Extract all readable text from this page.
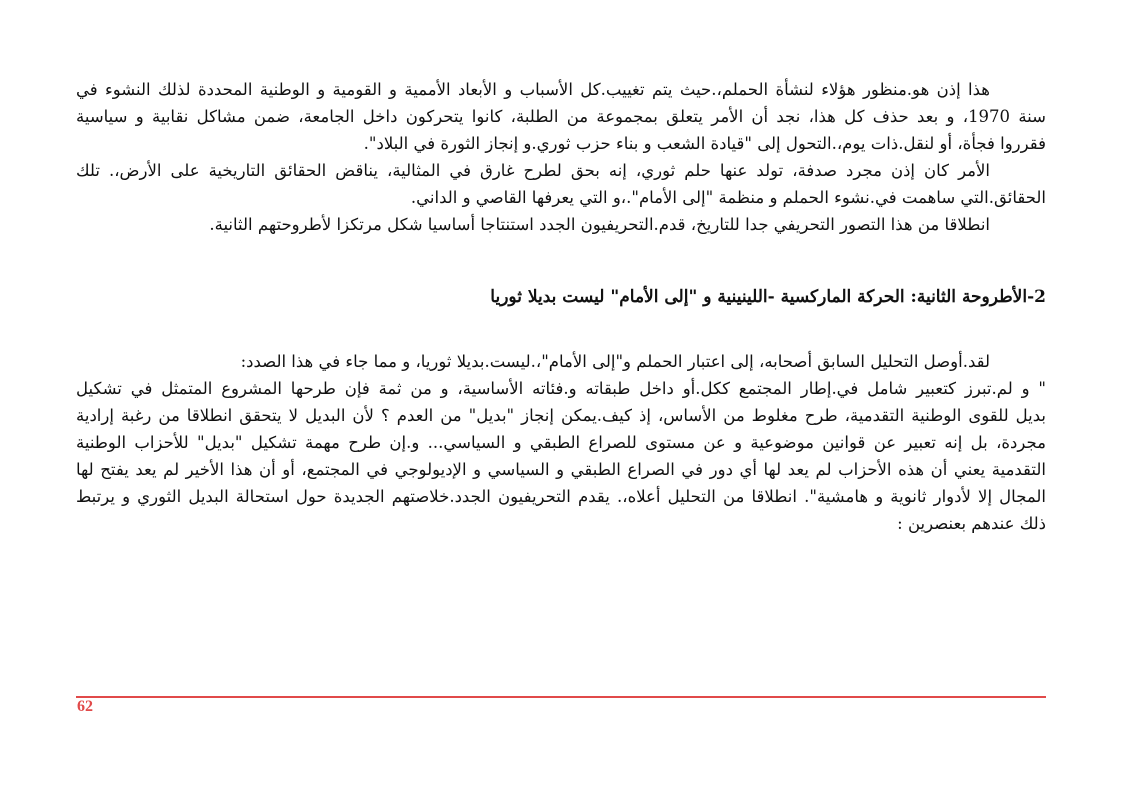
هذا إذن هو.منظور هؤلاء لنشأة الحملم،.حيث يتم تغييب.كل الأسباب و الأبعاد الأممية و القومية و الوطنية المحددة لذلك النشوء في
سنة 1970، و بعد حذف كل هذا، نجد أن الأمر يتعلق بمجموعة من الطلبة، كانوا يتحركون داخل الجامعة، ضمن مشاكل نقابية و سياسية
فقرروا فجأة، أو لنقل.ذات يوم،.التحول إلى "قيادة الشعب و بناء حزب ثوري.و إنجاز الثورة في البلاد".
الأمر كان إذن مجرد صدفة، تولد عنها حلم ثوري، إنه بحق لطرح غارق في المثالية، يناقض الحقائق التاريخية على الأرض،. تلك
الحقائق.التي ساهمت في.نشوء الحملم و منظمة "إلى الأمام".،و التي يعرفها القاصي و الداني.
انطلاقا من هذا التصور التحريفي جدا للتاريخ، قدم.التحريفيون الجدد استنتاجا أساسيا شكل مرتكزا لأطروحتهم الثانية.
2-الأطروحة الثانية: الحركة الماركسية -اللينينية و "إلى الأمام" ليست بديلا ثوريا
لقد.أوصل التحليل السابق أصحابه، إلى اعتبار الحملم و"إلى الأمام"،.ليست.بديلا ثوريا، و مما جاء في هذا الصدد:
" و لم.تبرز كتعبير شامل في.إطار المجتمع ككل.أو داخل طبقاته و.فئاته الأساسية، و من ثمة فإن طرحها المشروع المتمثل في تشكيل
بديل للقوى الوطنية التقدمية، طرح مغلوط من الأساس، إذ كيف.يمكن إنجاز "بديل" من العدم ؟ لأن البديل لا يتحقق انطلاقا من رغبة إرادية
مجردة، بل إنه تعبير عن قوانين موضوعية و عن مستوى للصراع الطبقي و السياسي... و.إن طرح مهمة تشكيل "بديل" للأحزاب الوطنية
التقدمية يعني أن هذه الأحزاب لم يعد لها أي دور في الصراع الطبقي و السياسي و الإديولوجي في المجتمع، أو أن هذا الأخير لم يعد يفتح لها
المجال إلا لأدوار ثانوية و هامشية". انطلاقا من التحليل أعلاه،. يقدم التحريفيون الجدد.خلاصتهم الجديدة حول استحالة البديل الثوري و يرتبط
ذلك عندهم بعنصرين :
62
